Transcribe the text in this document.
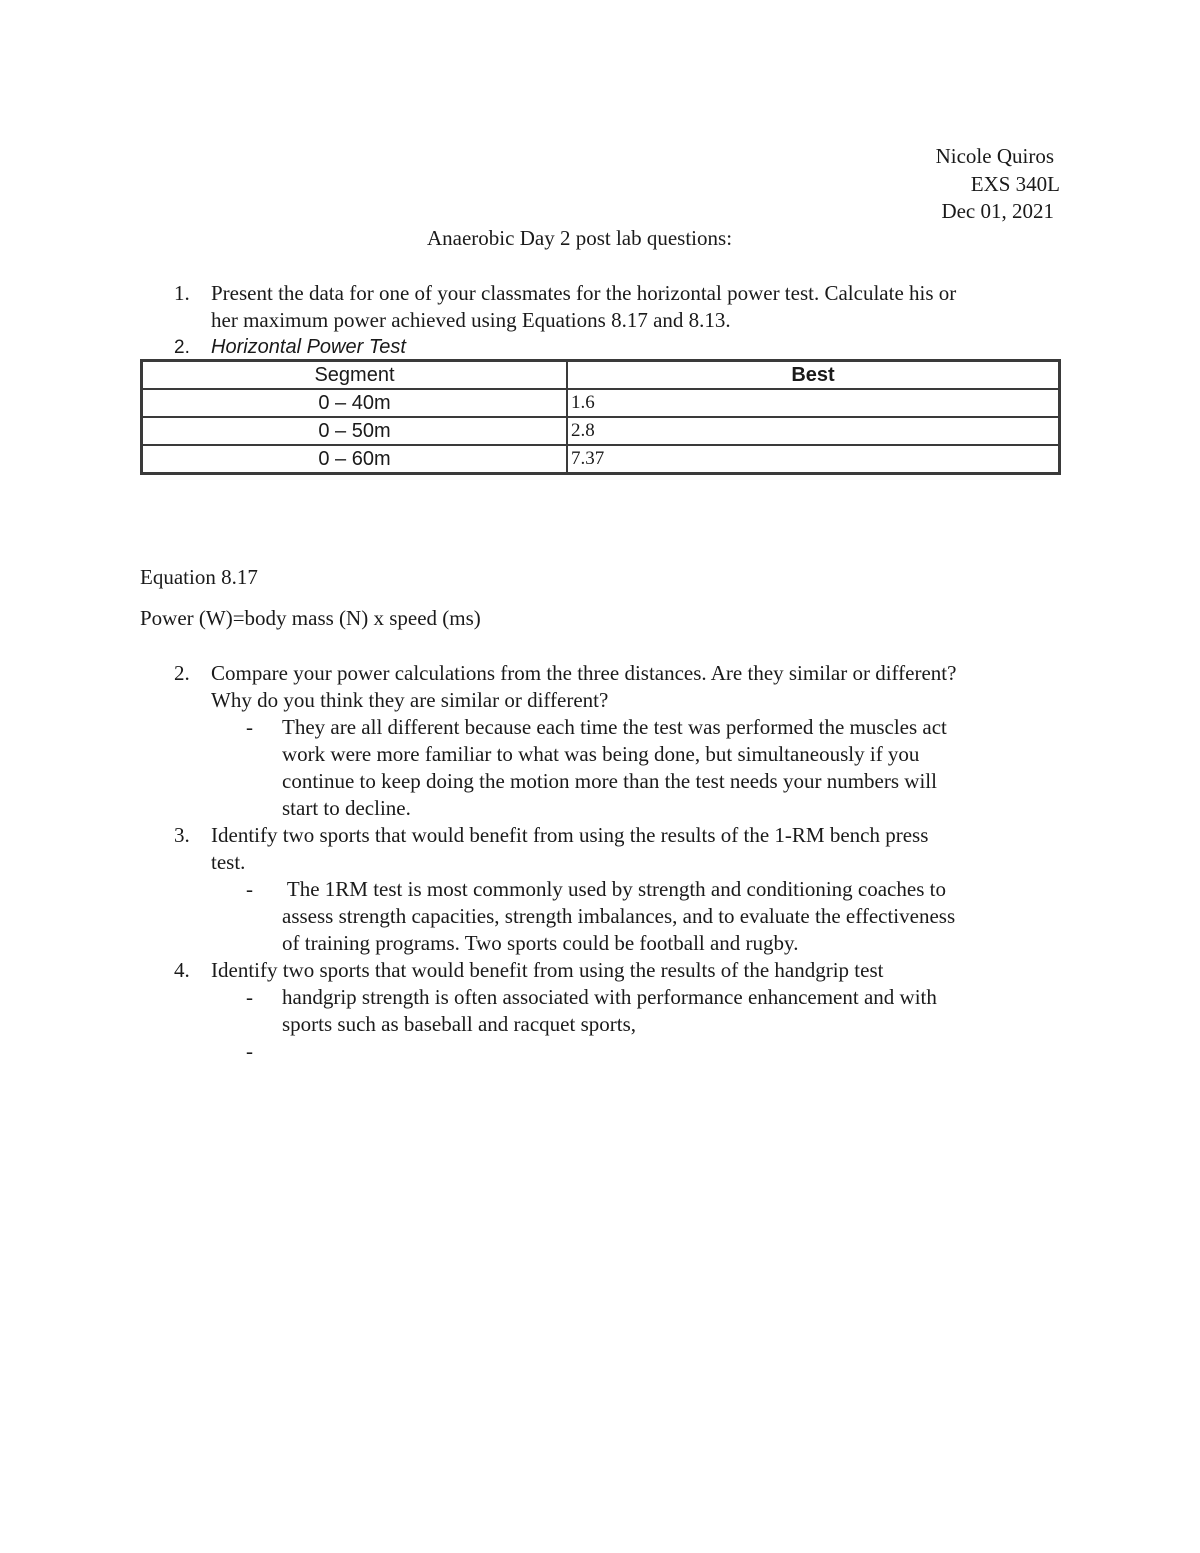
Nicole Quiros
EXS 340L
Dec 01, 2021
Anaerobic Day 2 post lab questions:
1. Present the data for one of your classmates for the horizontal power test. Calculate his or
her maximum power achieved using Equations 8.17 and 8.13.
2. Horizontal Power Test
Segment	Best
0 – 40m	1.6
0 – 50m	2.8
0 – 60m	7.37
Equation 8.17
Power (W)=body mass (N) x speed (ms)
2. Compare your power calculations from the three distances. Are they similar or different?
Why do you think they are similar or different?
- They are all different because each time the test was performed the muscles act
work were more familiar to what was being done, but simultaneously if you
continue to keep doing the motion more than the test needs your numbers will
start to decline.
3. Identify two sports that would benefit from using the results of the 1-RM bench press
test.
- The 1RM test is most commonly used by strength and conditioning coaches to
assess strength capacities, strength imbalances, and to evaluate the effectiveness
of training programs. Two sports could be football and rugby.
4. Identify two sports that would benefit from using the results of the handgrip test
- handgrip strength is often associated with performance enhancement and with
sports such as baseball and racquet sports,
-
